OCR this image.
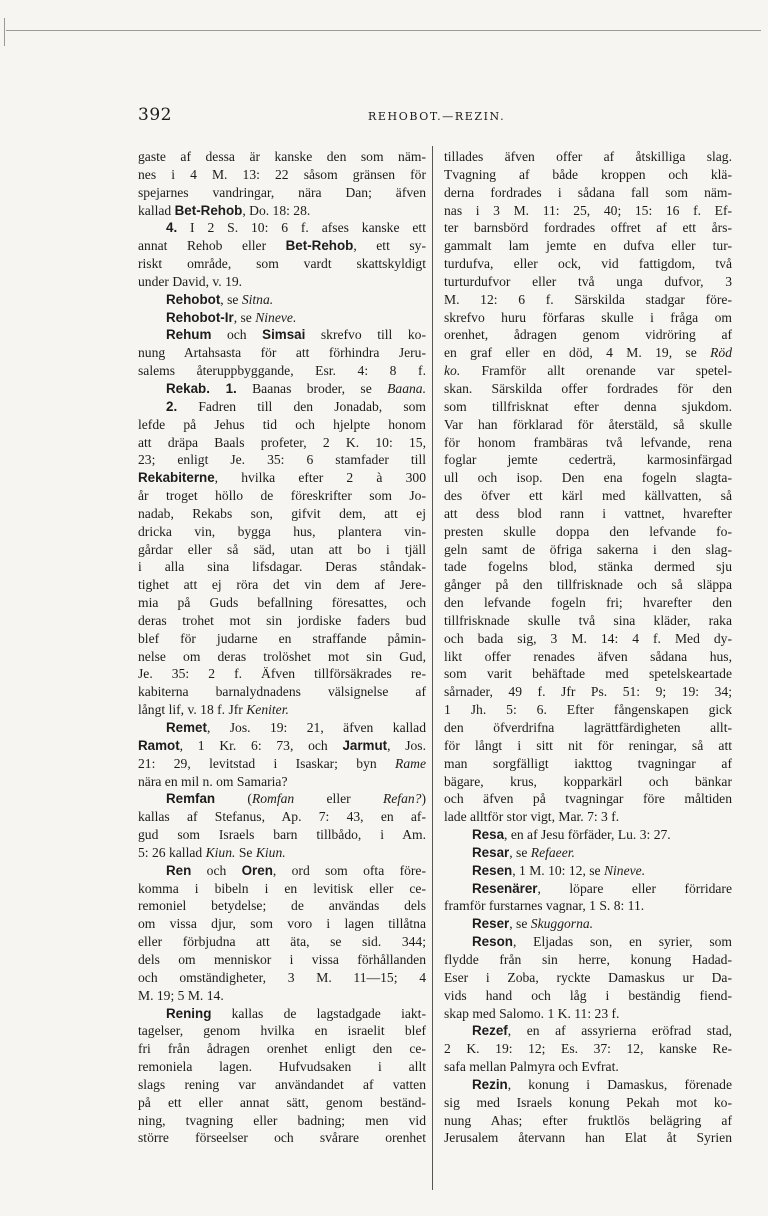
392	REHOBOT.—REZIN.
gaste af dessa är kanske den som näm-
nes i 4 M. 13: 22 såsom gränsen för
spejarnes vandringar, nära Dan; äfven
kallad Bet-Rehob, Do. 18: 28.
4. I 2 S. 10: 6 f. afses kanske ett
annat Rehob eller Bet-Rehob, ett sy-
riskt område, som vardt skattskyldigt
under David, v. 19.
Rehobot, se Sitna.
Rehobot-Ir, se Nineve.
Rehum och Simsai skrefvo till ko-
nung Artahsasta för att förhindra Jeru-
salems återuppbyggande, Esr. 4: 8 f.
Rekab. 1. Baanas broder, se Baana.
2. Fadren till den Jonadab, som
lefde på Jehus tid och hjelpte honom
att dräpa Baals profeter, 2 K. 10: 15,
23; enligt Je. 35: 6 stamfader till
Rekabiterne, hvilka efter 2 à 300
år troget höllo de föreskrifter som Jo-
nadab, Rekabs son, gifvit dem, att ej
dricka vin, bygga hus, plantera vin-
gårdar eller så säd, utan att bo i tjäll
i alla sina lifsdagar. Deras ståndak-
tighet att ej röra det vin dem af Jere-
mia på Guds befallning föresattes, och
deras trohet mot sin jordiske faders bud
blef för judarne en straffande påmin-
nelse om deras trolöshet mot sin Gud,
Je. 35: 2 f. Äfven tillförsäkrades re-
kabiterna barnalydnadens välsignelse af
långt lif, v. 18 f. Jfr Keniter.
Remet, Jos. 19: 21, äfven kallad
Ramot, 1 Kr. 6: 73, och Jarmut, Jos.
21: 29, levitstad i Isaskar; byn Rame
nära en mil n. om Samaria?
Remfan (Romfan eller Refan?)
kallas af Stefanus, Ap. 7: 43, en af-
gud som Israels barn tillbådo, i Am.
5: 26 kallad Kiun. Se Kiun.
Ren och Oren, ord som ofta före-
komma i bibeln i en levitisk eller ce-
remoniel betydelse; de användas dels
om vissa djur, som voro i lagen tillåtna
eller förbjudna att äta, se sid. 344;
dels om menniskor i vissa förhållanden
och omständigheter, 3 M. 11—15; 4
M. 19; 5 M. 14.
Rening kallas de lagstadgade iakt-
tagelser, genom hvilka en israelit blef
fri från ådragen orenhet enligt den ce-
remoniela lagen. Hufvudsaken i allt
slags rening var användandet af vatten
på ett eller annat sätt, genom beständ-
ning, tvagning eller badning; men vid
större förseelser och svårare orenhet
tillades äfven offer af åtskilliga slag.
Tvagning af både kroppen och klä-
derna fordrades i sådana fall som näm-
nas i 3 M. 11: 25, 40; 15: 16 f. Ef-
ter barnsbörd fordrades offret af ett års-
gammalt lam jemte en dufva eller tur-
turdufva, eller ock, vid fattigdom, två
turturdufvor eller två unga dufvor, 3
M. 12: 6 f. Särskilda stadgar före-
skrefvo huru förfaras skulle i fråga om
orenhet, ådragen genom vidröring af
en graf eller en död, 4 M. 19, se Röd
ko. Framför allt orenande var spetel-
skan. Särskilda offer fordrades för den
som tillfrisknat efter denna sjukdom.
Var han förklarad för återstäld, så skulle
för honom frambäras två lefvande, rena
foglar jemte cederträ, karmosinfärgad
ull och isop. Den ena fogeln slagta-
des öfver ett kärl med källvatten, så
att dess blod rann i vattnet, hvarefter
presten skulle doppa den lefvande fo-
geln samt de öfriga sakerna i den slag-
tade fogelns blod, stänka dermed sju
gånger på den tillfrisknade och så släppa
den lefvande fogeln fri; hvarefter den
tillfrisknade skulle två sina kläder, raka
och bada sig, 3 M. 14: 4 f. Med dy-
likt offer renades äfven sådana hus,
som varit behäftade med spetelskeartade
sårnader, 49 f. Jfr Ps. 51: 9; 19: 34;
1 Jh. 5: 6. Efter fångenskapen gick
den öfverdrifna lagrättfärdigheten allt-
för långt i sitt nit för reningar, så att
man sorgfälligt iakttog tvagningar af
bägare, krus, kopparkärl och bänkar
och äfven på tvagningar före måltiden
lade alltför stor vigt, Mar. 7: 3 f.
Resa, en af Jesu förfäder, Lu. 3: 27.
Resar, se Refaeer.
Resen, 1 M. 10: 12, se Nineve.
Resenärer, löpare eller förridare
framför furstarnes vagnar, 1 S. 8: 11.
Reser, se Skuggorna.
Reson, Eljadas son, en syrier, som
flydde från sin herre, konung Hadad-
Eser i Zoba, ryckte Damaskus ur Da-
vids hand och låg i beständig fiend-
skap med Salomo. 1 K. 11: 23 f.
Rezef, en af assyrierna eröfrad stad,
2 K. 19: 12; Es. 37: 12, kanske Re-
safa mellan Palmyra och Evfrat.
Rezin, konung i Damaskus, förenade
sig med Israels konung Pekah mot ko-
nung Ahas; efter fruktlös belägring af
Jerusalem återvann han Elat åt Syrien
